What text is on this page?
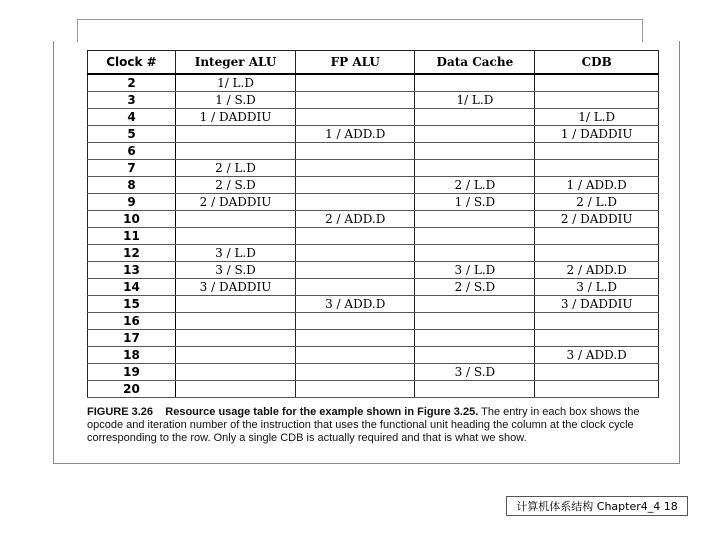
Clock #	Integer ALU	FP ALU	Data Cache	CDB
2	1/ L.D			
3	1 / S.D		1/ L.D	
4	1 / DADDIU			1/ L.D
5		1 / ADD.D		1 / DADDIU
6				
7	2 / L.D			
8	2 / S.D		2 / L.D	1 / ADD.D
9	2 / DADDIU		1 / S.D	2 / L.D
10		2 / ADD.D		2 / DADDIU
11				
12	3 / L.D			
13	3 / S.D		3 / L.D	2 / ADD.D
14	3 / DADDIU		2 / S.D	3 / L.D
15		3 / ADD.D		3 / DADDIU
16				
17				
18				3 / ADD.D
19			3 / S.D	
20				
FIGURE 3.26 Resource usage table for the example shown in Figure 3.25. The entry in each box shows the opcode and iteration number of the instruction that uses the functional unit heading the column at the clock cycle corresponding to the row. Only a single CDB is actually required and that is what we show.
计算机体系结构 Chapter4_4 18
